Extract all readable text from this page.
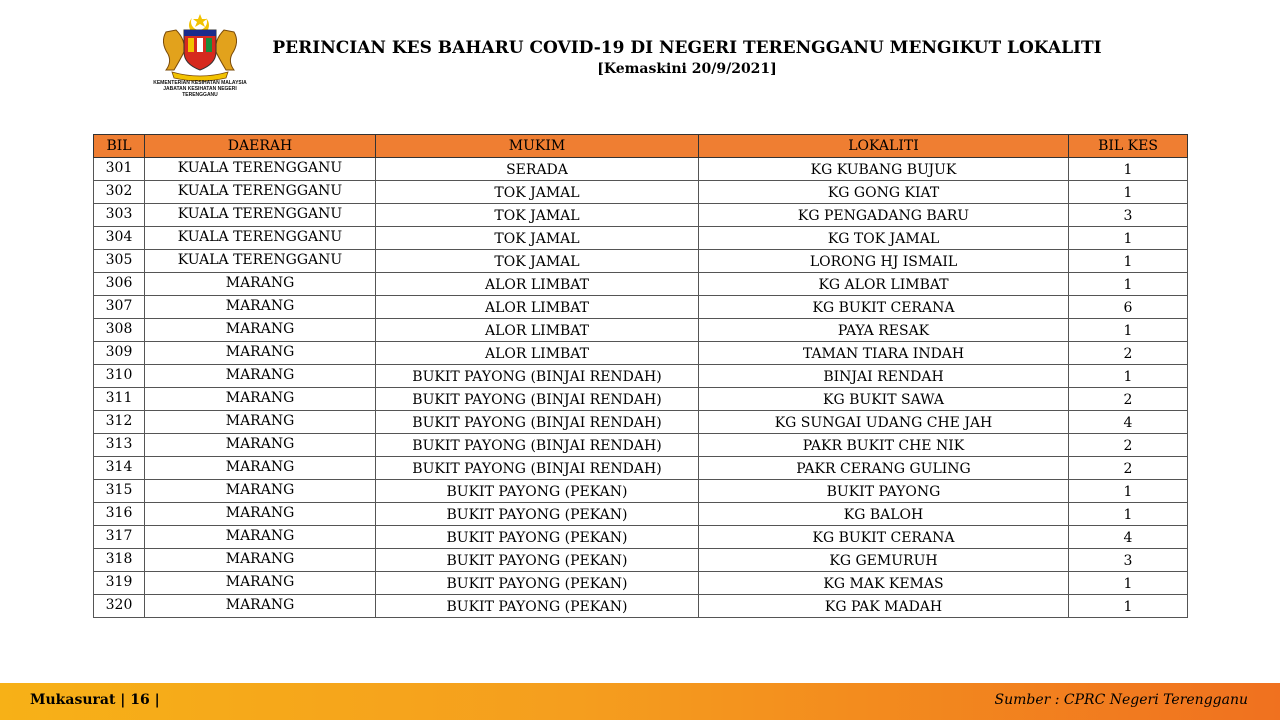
KEMENTERIAN KESIHATAN MALAYSIA
JABATAN KESIHATAN NEGERI TERENGGANU
PERINCIAN KES BAHARU COVID-19 DI NEGERI TERENGGANU MENGIKUT LOKALITI
[Kemaskini 20/9/2021]
BIL	DAERAH	MUKIM	LOKALITI	BIL KES
301	KUALA TERENGGANU	SERADA	KG KUBANG BUJUK	1
302	KUALA TERENGGANU	TOK JAMAL	KG GONG KIAT	1
303	KUALA TERENGGANU	TOK JAMAL	KG PENGADANG BARU	3
304	KUALA TERENGGANU	TOK JAMAL	KG TOK JAMAL	1
305	KUALA TERENGGANU	TOK JAMAL	LORONG HJ ISMAIL	1
306	MARANG	ALOR LIMBAT	KG ALOR LIMBAT	1
307	MARANG	ALOR LIMBAT	KG BUKIT CERANA	6
308	MARANG	ALOR LIMBAT	PAYA RESAK	1
309	MARANG	ALOR LIMBAT	TAMAN TIARA INDAH	2
310	MARANG	BUKIT PAYONG (BINJAI RENDAH)	BINJAI RENDAH	1
311	MARANG	BUKIT PAYONG (BINJAI RENDAH)	KG BUKIT SAWA	2
312	MARANG	BUKIT PAYONG (BINJAI RENDAH)	KG SUNGAI UDANG CHE JAH	4
313	MARANG	BUKIT PAYONG (BINJAI RENDAH)	PAKR BUKIT CHE NIK	2
314	MARANG	BUKIT PAYONG (BINJAI RENDAH)	PAKR CERANG GULING	2
315	MARANG	BUKIT PAYONG (PEKAN)	BUKIT PAYONG	1
316	MARANG	BUKIT PAYONG (PEKAN)	KG BALOH	1
317	MARANG	BUKIT PAYONG (PEKAN)	KG BUKIT CERANA	4
318	MARANG	BUKIT PAYONG (PEKAN)	KG GEMURUH	3
319	MARANG	BUKIT PAYONG (PEKAN)	KG MAK KEMAS	1
320	MARANG	BUKIT PAYONG (PEKAN)	KG PAK MADAH	1
Mukasurat | 16 |	Sumber : CPRC Negeri Terengganu
